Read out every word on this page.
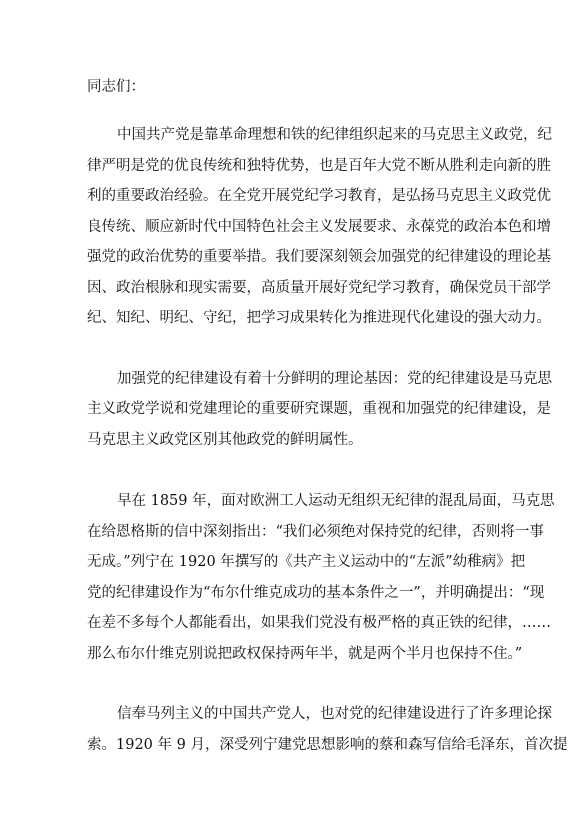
同志们：
中国共产党是靠革命理想和铁的纪律组织起来的马克思主义政党，纪
律严明是党的优良传统和独特优势，也是百年大党不断从胜利走向新的胜
利的重要政治经验。在全党开展党纪学习教育，是弘扬马克思主义政党优
良传统、顺应新时代中国特色社会主义发展要求、永葆党的政治本色和增
强党的政治优势的重要举措。我们要深刻领会加强党的纪律建设的理论基
因、政治根脉和现实需要，高质量开展好党纪学习教育，确保党员干部学
纪、知纪、明纪、守纪，把学习成果转化为推进现代化建设的强大动力。
加强党的纪律建设有着十分鲜明的理论基因：党的纪律建设是马克思
主义政党学说和党建理论的重要研究课题，重视和加强党的纪律建设，是
马克思主义政党区别其他政党的鲜明属性。
早在 1859 年，面对欧洲工人运动无组织无纪律的混乱局面，马克思
在给恩格斯的信中深刻指出：“我们必须绝对保持党的纪律，否则将一事
无成。”列宁在 1920 年撰写的《共产主义运动中的“左派”幼稚病》把
党的纪律建设作为“布尔什维克成功的基本条件之一”，并明确提出：“现
在差不多每个人都能看出，如果我们党没有极严格的真正铁的纪律，……
那么布尔什维克别说把政权保持两年半，就是两个半月也保持不住。”
信奉马列主义的中国共产党人，也对党的纪律建设进行了许多理论探
索。1920 年 9 月，深受列宁建党思想影响的蔡和森写信给毛泽东，首次提
